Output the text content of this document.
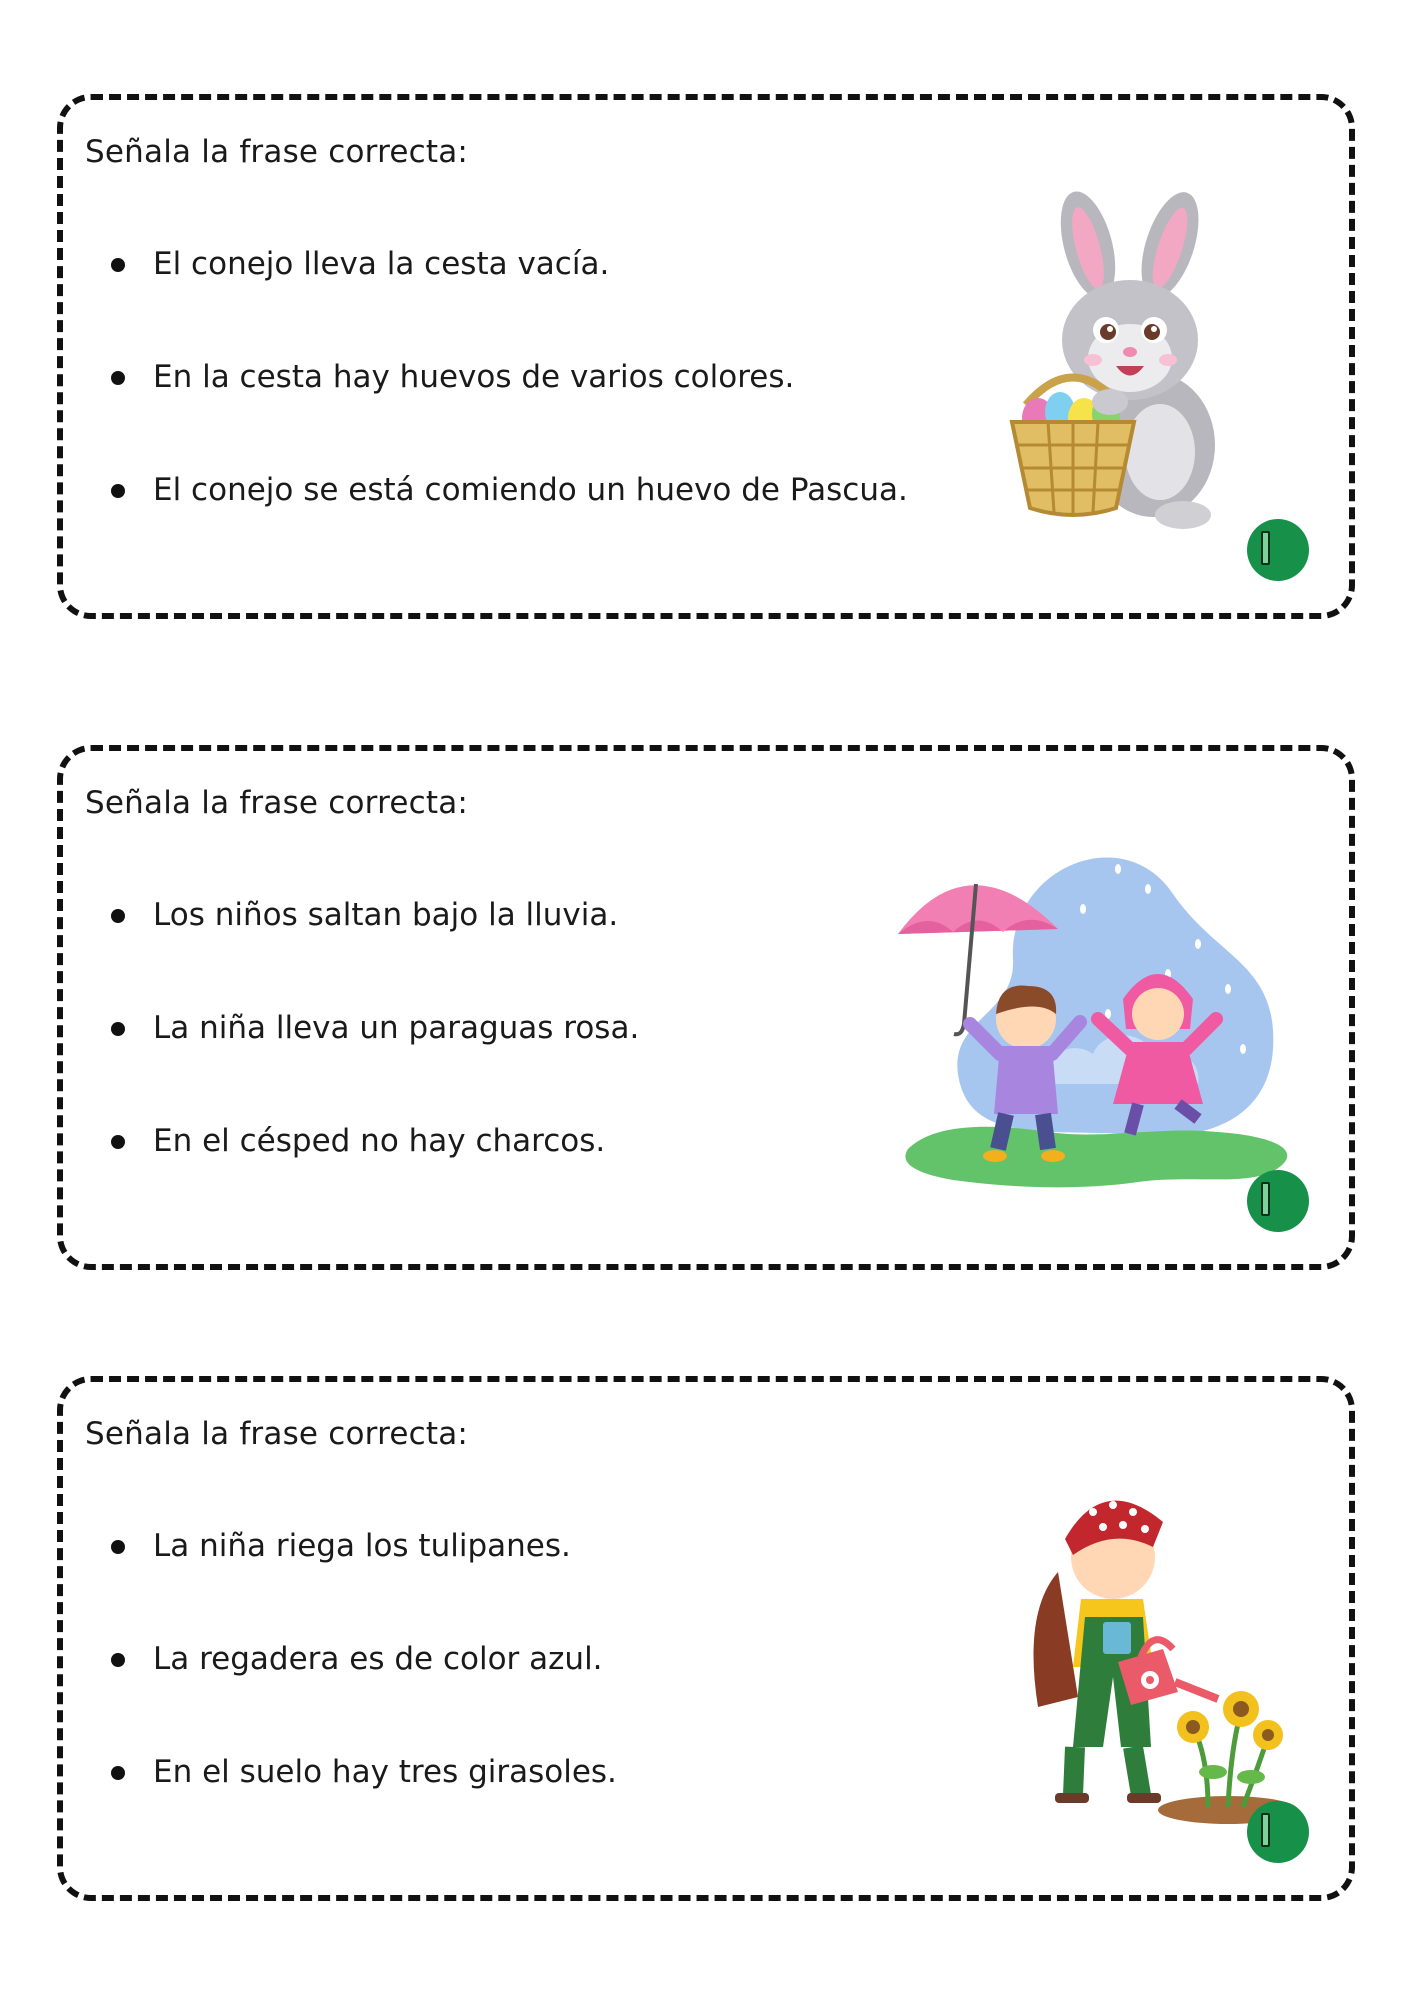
Señala la frase correcta:
El conejo lleva la cesta vacía.
En la cesta hay huevos de varios colores.
El conejo se está comiendo un huevo de Pascua.
Señala la frase correcta:
Los niños saltan bajo la lluvia.
La niña lleva un paraguas rosa.
En el césped no hay charcos.
Señala la frase correcta:
La niña riega los tulipanes.
La regadera es de color azul.
En el suelo hay tres girasoles.
